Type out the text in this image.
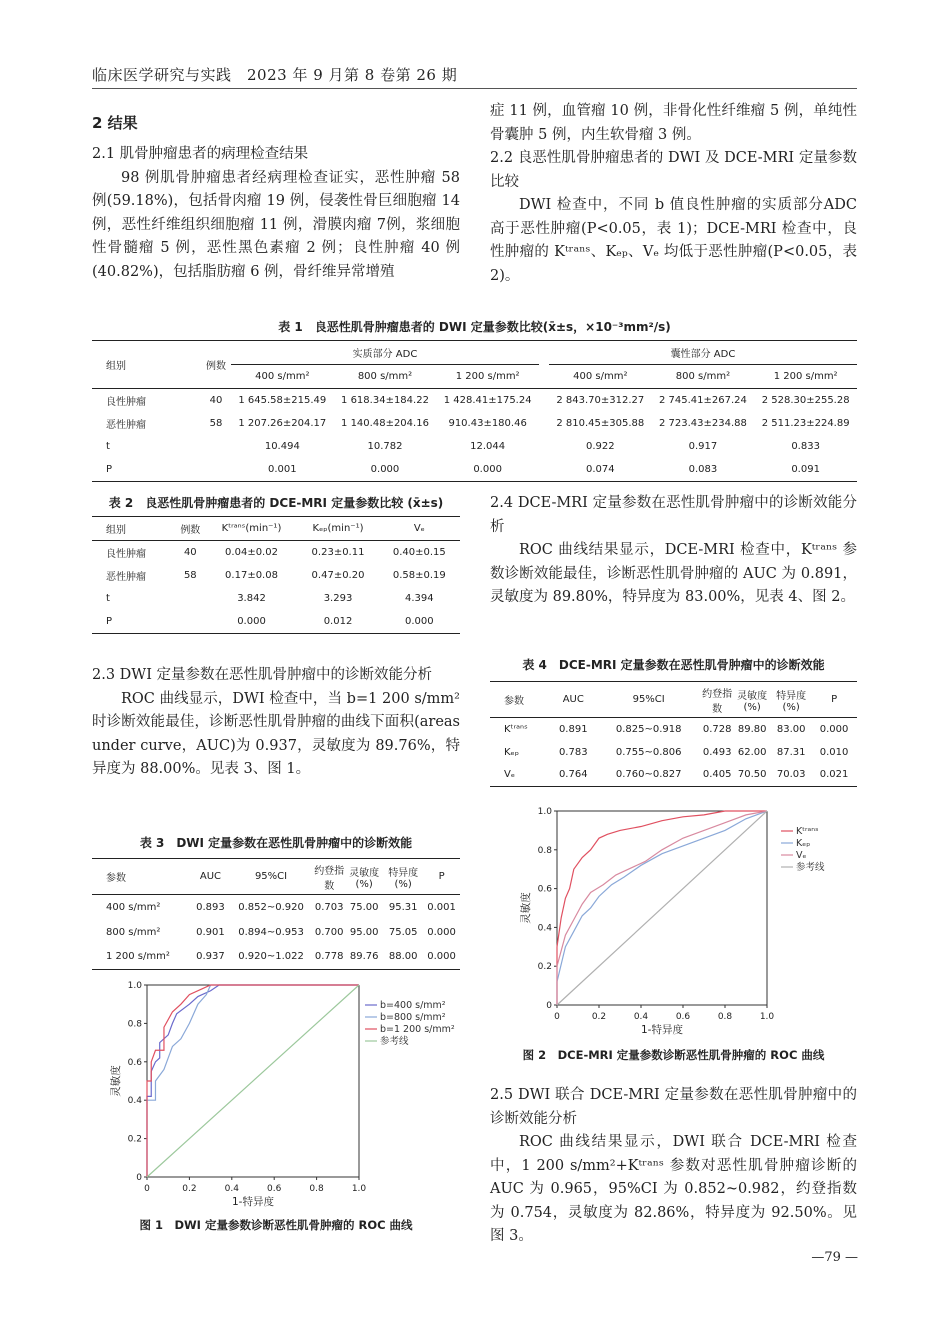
临床医学研究与实践　2023 年 9 月第 8 卷第 26 期
2 结果

2.1 肌骨肿瘤患者的病理检查结果

98 例肌骨肿瘤患者经病理检查证实，恶性肿瘤 58 例(59.18%)，包括骨肉瘤 19 例，侵袭性骨巨细胞瘤 14 例，恶性纤维组织细胞瘤 11 例，滑膜肉瘤 7例，浆细胞性骨髓瘤 5 例，恶性黑色素瘤 2 例；良性肿瘤 40 例(40.82%)，包括脂肪瘤 6 例，骨纤维异常增殖

症 11 例，血管瘤 10 例，非骨化性纤维瘤 5 例，单纯性骨囊肿 5 例，内生软骨瘤 3 例。

2.2 良恶性肌骨肿瘤患者的 DWI 及 DCE-MRI 定量参数比较

DWI 检查中，不同 b 值良性肿瘤的实质部分ADC 高于恶性肿瘤(P<0.05，表 1)；DCE-MRI 检查中，良性肿瘤的 Kᵗʳᵃⁿˢ、Kₑₚ、Vₑ 均低于恶性肿瘤(P<0.05，表 2)。

表 1　良恶性肌骨肿瘤患者的 DWI 定量参数比较(x̄±s，×10⁻³mm²/s)
组别	例数	实质部分 ADC				囊性部分 ADC		
		400 s/mm²	800 s/mm²	1 200 s/mm²		400 s/mm²	800 s/mm²	1 200 s/mm²
良性肿瘤	40	1 645.58±215.49	1 618.34±184.22	1 428.41±175.24		2 843.70±312.27	2 745.41±267.24	2 528.30±255.28
恶性肿瘤	58	1 207.26±204.17	1 140.48±204.16	910.43±180.46		2 810.45±305.88	2 723.43±234.88	2 511.23±224.89
t		10.494	10.782	12.044		0.922	0.917	0.833
P		0.001	0.000	0.000		0.074	0.083	0.091
表 2　良恶性肌骨肿瘤患者的 DCE-MRI 定量参数比较 (x̄±s)
组别	例数	Kᵗʳᵃⁿˢ(min⁻¹)	Kₑₚ(min⁻¹)	Vₑ
良性肿瘤	40	0.04±0.02	0.23±0.11	0.40±0.15
恶性肿瘤	58	0.17±0.08	0.47±0.20	0.58±0.19
t		3.842	3.293	4.394
P		0.000	0.012	0.000

2.3 DWI 定量参数在恶性肌骨肿瘤中的诊断效能分析

ROC 曲线显示，DWI 检查中，当 b=1 200 s/mm² 时诊断效能最佳，诊断恶性肌骨肿瘤的曲线下面积(areas under curve，AUC)为 0.937，灵敏度为 89.76%，特异度为 88.00%。见表 3、图 1。

表 3　DWI 定量参数在恶性肌骨肿瘤中的诊断效能
参数	AUC	95%CI	约登指数	灵敏度(%)	特异度(%)	P
400 s/mm²	0.893	0.852~0.920	0.703	75.00	95.31	0.001
800 s/mm²	0.901	0.894~0.953	0.700	95.00	75.05	0.000
1 200 s/mm²	0.937	0.920~1.022	0.778	89.76	88.00	0.000
0
0
0.2
0.2
0.4
0.4
0.6
0.6
0.8
0.8
1.0
1.0
1-特异度
灵敏度
b=400 s/mm²
b=800 s/mm²
b=1 200 s/mm²
参考线
图 1　DWI 定量参数诊断恶性肌骨肿瘤的 ROC 曲线

2.4 DCE-MRI 定量参数在恶性肌骨肿瘤中的诊断效能分析

ROC 曲线结果显示，DCE-MRI 检查中，Kᵗʳᵃⁿˢ 参数诊断效能最佳，诊断恶性肌骨肿瘤的 AUC 为 0.891，灵敏度为 89.80%，特异度为 83.00%，见表 4、图 2。

表 4　DCE-MRI 定量参数在恶性肌骨肿瘤中的诊断效能
参数	AUC	95%CI	约登指数	灵敏度(%)	特异度(%)	P
Kᵗʳᵃⁿˢ	0.891	0.825~0.918	0.728	89.80	83.00	0.000
Kₑₚ	0.783	0.755~0.806	0.493	62.00	87.31	0.010
Vₑ	0.764	0.760~0.827	0.405	70.50	70.03	0.021
0
0
0.2
0.2
0.4
0.4
0.6
0.6
0.8
0.8
1.0
1.0
1-特异度
灵敏度
Kᵗʳᵃⁿˢ
Kₑₚ
Vₑ
参考线
图 2　DCE-MRI 定量参数诊断恶性肌骨肿瘤的 ROC 曲线

2.5 DWI 联合 DCE-MRI 定量参数在恶性肌骨肿瘤中的诊断效能分析

ROC 曲线结果显示，DWI 联合 DCE-MRI 检查中，1 200 s/mm²+Kᵗʳᵃⁿˢ 参数对恶性肌骨肿瘤诊断的AUC 为 0.965，95%CI 为 0.852~0.982，约登指数为 0.754，灵敏度为 82.86%，特异度为 92.50%。见图 3。

—79 —
